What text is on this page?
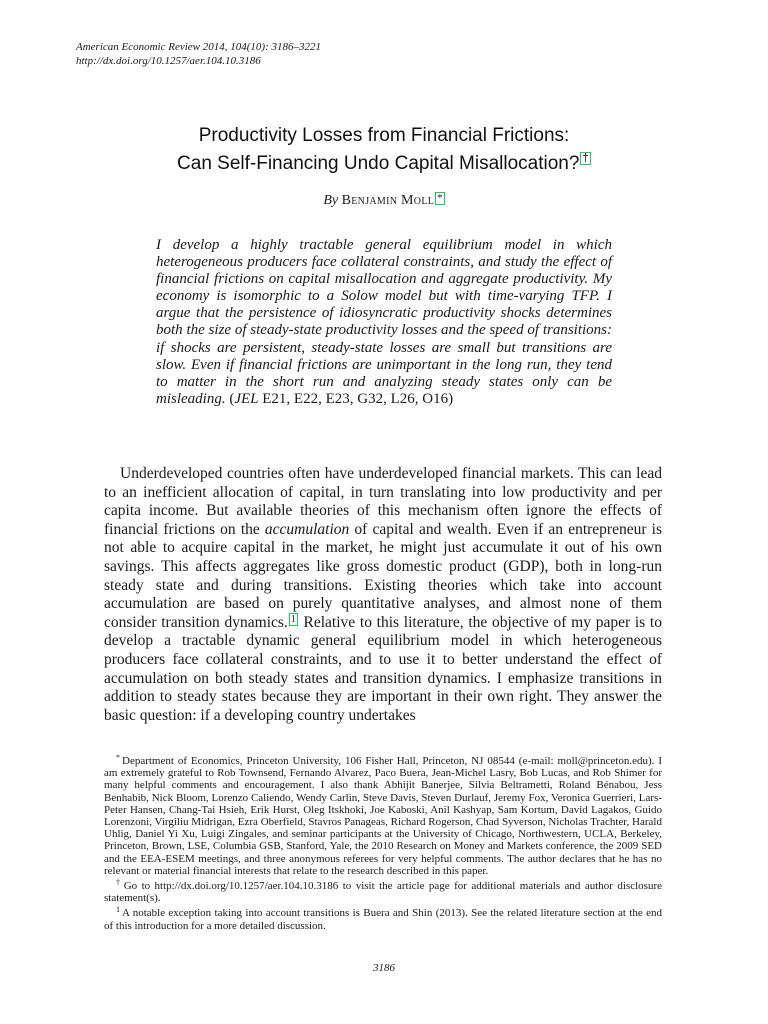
American Economic Review 2014, 104(10): 3186–3221
http://dx.doi.org/10.1257/aer.104.10.3186
Productivity Losses from Financial Frictions:
Can Self-Financing Undo Capital Misallocation? †
By Benjamin Moll *
I develop a highly tractable general equilibrium model in which heterogeneous producers face collateral constraints, and study the effect of financial frictions on capital misallocation and aggregate productivity. My economy is isomorphic to a Solow model but with time-varying TFP. I argue that the persistence of idiosyncratic productivity shocks determines both the size of steady-state productivity losses and the speed of transitions: if shocks are persistent, steady-state losses are small but transitions are slow. Even if financial frictions are unimportant in the long run, they tend to matter in the short run and analyzing steady states only can be misleading. (JEL E21, E22, E23, G32, L26, O16)
Underdeveloped countries often have underdeveloped financial markets. This can lead to an inefficient allocation of capital, in turn translating into low productivity and per capita income. But available theories of this mechanism often ignore the effects of financial frictions on the accumulation of capital and wealth. Even if an entrepreneur is not able to acquire capital in the market, he might just accumulate it out of his own savings. This affects aggregates like gross domestic product (GDP), both in long-run steady state and during transitions. Existing theories which take into account accumulation are based on purely quantitative analyses, and almost none of them consider transition dynamics. $^1$ Relative to this literature, the objective of my paper is to develop a tractable dynamic general equilibrium model in which heterogeneous producers face collateral constraints, and to use it to better understand the effect of accumulation on both steady states and transition dynamics. I emphasize transitions in addition to steady states because they are important in their own right. They answer the basic question: if a developing country undertakes

* Department of Economics, Princeton University, 106 Fisher Hall, Princeton, NJ 08544 (e-mail: moll@princeton.edu). I am extremely grateful to Rob Townsend, Fernando Alvarez, Paco Buera, Jean-Michel Lasry, Bob Lucas, and Rob Shimer for many helpful comments and encouragement. I also thank Abhijit Banerjee, Silvia Beltrametti, Roland Bénabou, Jess Benhabib, Nick Bloom, Lorenzo Caliendo, Wendy Carlin, Steve Davis, Steven Durlauf, Jeremy Fox, Veronica Guerrieri, Lars-Peter Hansen, Chang-Tai Hsieh, Erik Hurst, Oleg Itskhoki, Joe Kaboski, Anil Kashyap, Sam Kortum, David Lagakos, Guido Lorenzoni, Virgiliu Midrigan, Ezra Oberfield, Stavros Panageas, Richard Rogerson, Chad Syverson, Nicholas Trachter, Harald Uhlig, Daniel Yi Xu, Luigi Zingales, and seminar participants at the University of Chicago, Northwestern, UCLA, Berkeley, Princeton, Brown, LSE, Columbia GSB, Stanford, Yale, the 2010 Research on Money and Markets conference, the 2009 SED and the EEA-ESEM meetings, and three anonymous referees for very helpful comments. The author declares that he has no relevant or material financial interests that relate to the research described in this paper.

† Go to http://dx.doi.org/10.1257/aer.104.10.3186 to visit the article page for additional materials and author disclosure statement(s).

$^1$ A notable exception taking into account transitions is Buera and Shin (2013). See the related literature section at the end of this introduction for a more detailed discussion.

3186
